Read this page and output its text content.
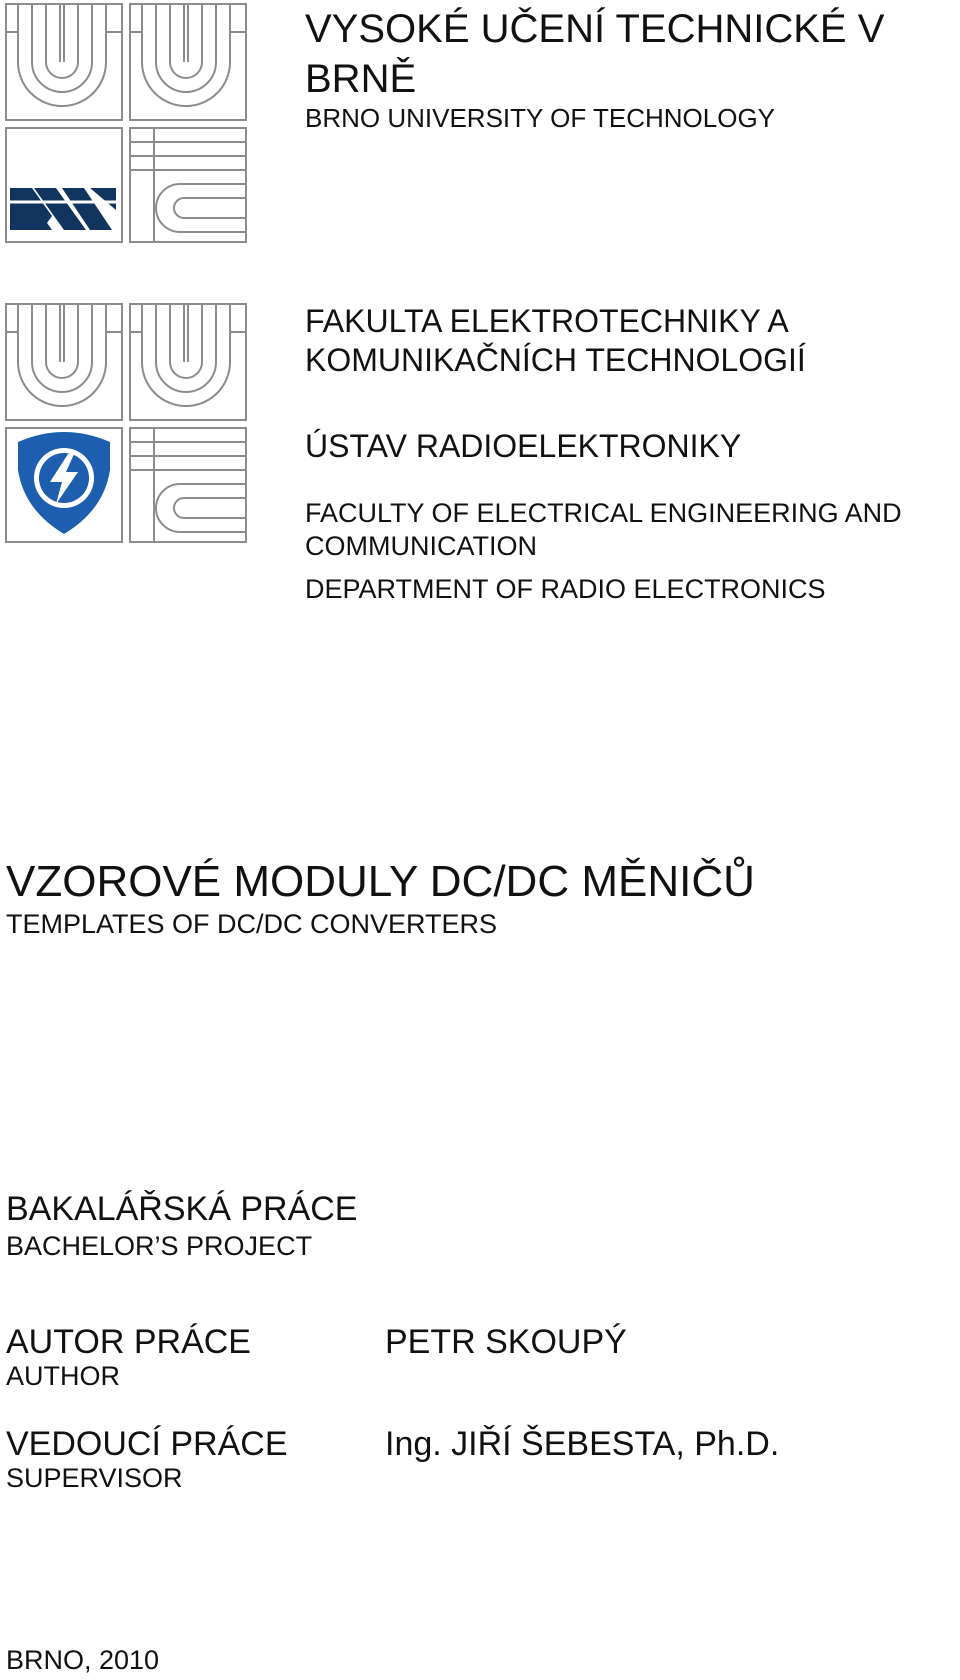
VYSOKÉ UČENÍ TECHNICKÉ V BRNĚ
BRNO UNIVERSITY OF TECHNOLOGY
FAKULTA ELEKTROTECHNIKY A KOMUNIKAČNÍCH TECHNOLOGIÍ
ÚSTAV RADIOELEKTRONIKY
FACULTY OF ELECTRICAL ENGINEERING AND COMMUNICATION
DEPARTMENT OF RADIO ELECTRONICS
VZOROVÉ MODULY DC/DC MĚNIČŮ
TEMPLATES OF DC/DC CONVERTERS
BAKALÁŘSKÁ PRÁCE
BACHELOR’S PROJECT
AUTOR PRÁCE
AUTHOR
PETR SKOUPÝ
VEDOUCÍ PRÁCE
SUPERVISOR
Ing. JIŘÍ ŠEBESTA, Ph.D.
BRNO, 2010
